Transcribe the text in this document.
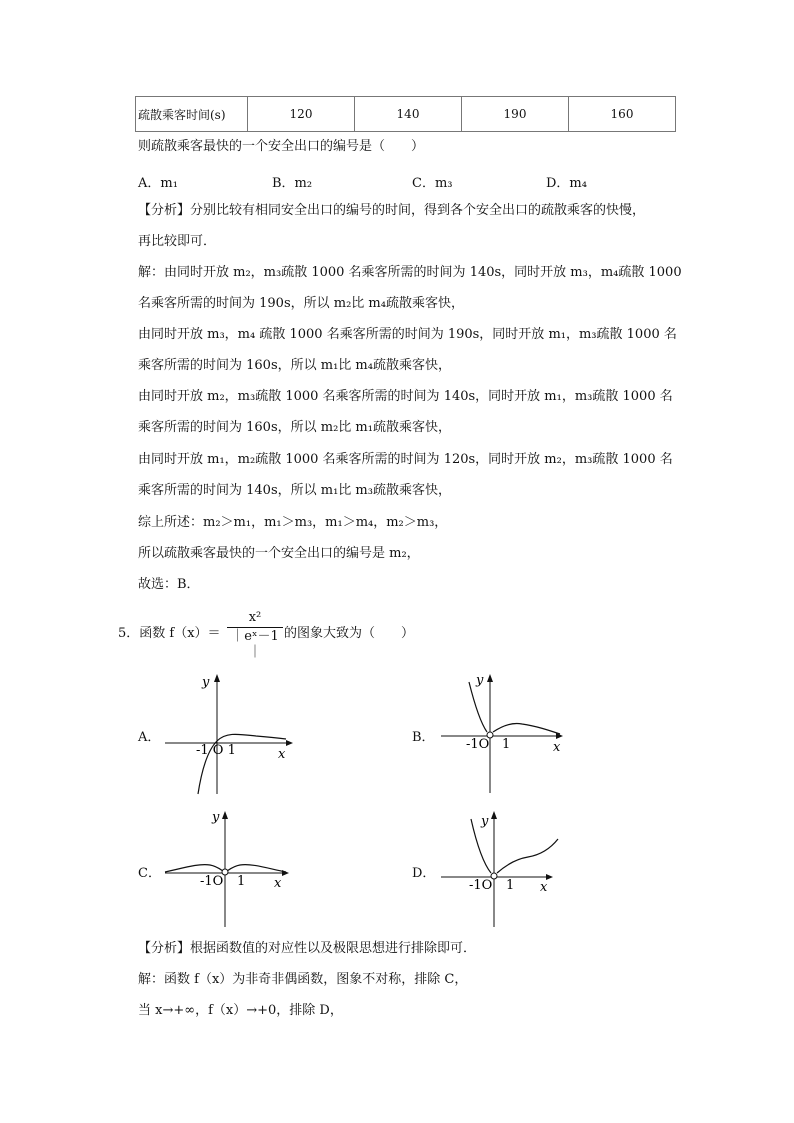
疏散乘客时间(s)	120	140	190	160
则疏散乘客最快的一个安全出口的编号是（　　）
A．m₁	B．m₂	C．m₃	D．m₄
【分析】分别比较有相同安全出口的编号的时间，得到各个安全出口的疏散乘客的快慢，
再比较即可．
解：由同时开放 m₂，m₃疏散 1000 名乘客所需的时间为 140s，同时开放 m₃，m₄疏散 1000
名乘客所需的时间为 190s，所以 m₂比 m₄疏散乘客快，
由同时开放 m₃，m₄ 疏散 1000 名乘客所需的时间为 190s，同时开放 m₁，m₃疏散 1000 名
乘客所需的时间为 160s，所以 m₁比 m₄疏散乘客快，
由同时开放 m₂，m₃疏散 1000 名乘客所需的时间为 140s，同时开放 m₁，m₃疏散 1000 名
乘客所需的时间为 160s，所以 m₂比 m₁疏散乘客快，
由同时开放 m₁，m₂疏散 1000 名乘客所需的时间为 120s，同时开放 m₂，m₃疏散 1000 名
乘客所需的时间为 140s，所以 m₁比 m₃疏散乘客快，
综上所述：m₂＞m₁，m₁＞m₃，m₁＞m₄，m₂＞m₃，
所以疏散乘客最快的一个安全出口的编号是 m₂，
故选：B．
5．函数 f（x）＝
x²
｜eˣ－1｜
的图象大致为（　　）
A．	B．
C．	D．
y
x
-1 O 1
y
x
-1O 1
y
x
-1O 1
y
x
-1O 1
【分析】根据函数值的对应性以及极限思想进行排除即可．
解：函数 f（x）为非奇非偶函数，图象不对称，排除 C，
当 x→+∞，f（x）→+0，排除 D，
